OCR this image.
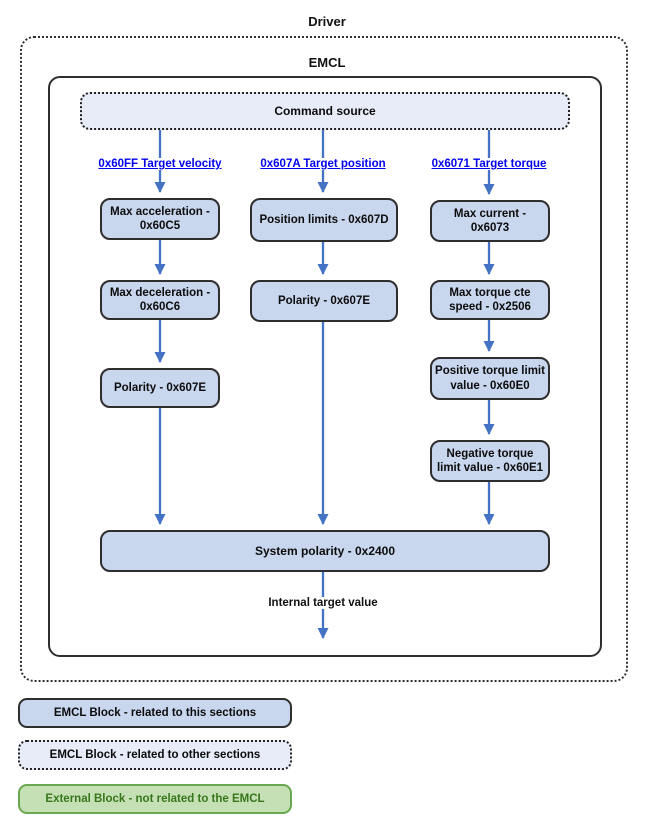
Driver
EMCL
Command source
0x60FF Target velocity	0x607A Target position	0x6071 Target torque
Max acceleration - 0x60C5
Max deceleration - 0x60C6
Polarity - 0x607E
Position limits - 0x607D
Polarity - 0x607E
Max current - 0x6073
Max torque cte speed - 0x2506
Positive torque limit value - 0x60E0
Negative torque limit value - 0x60E1
System polarity - 0x2400
Internal target value
EMCL Block - related to this sections
EMCL Block - related to other sections
External Block - not related to the EMCL
